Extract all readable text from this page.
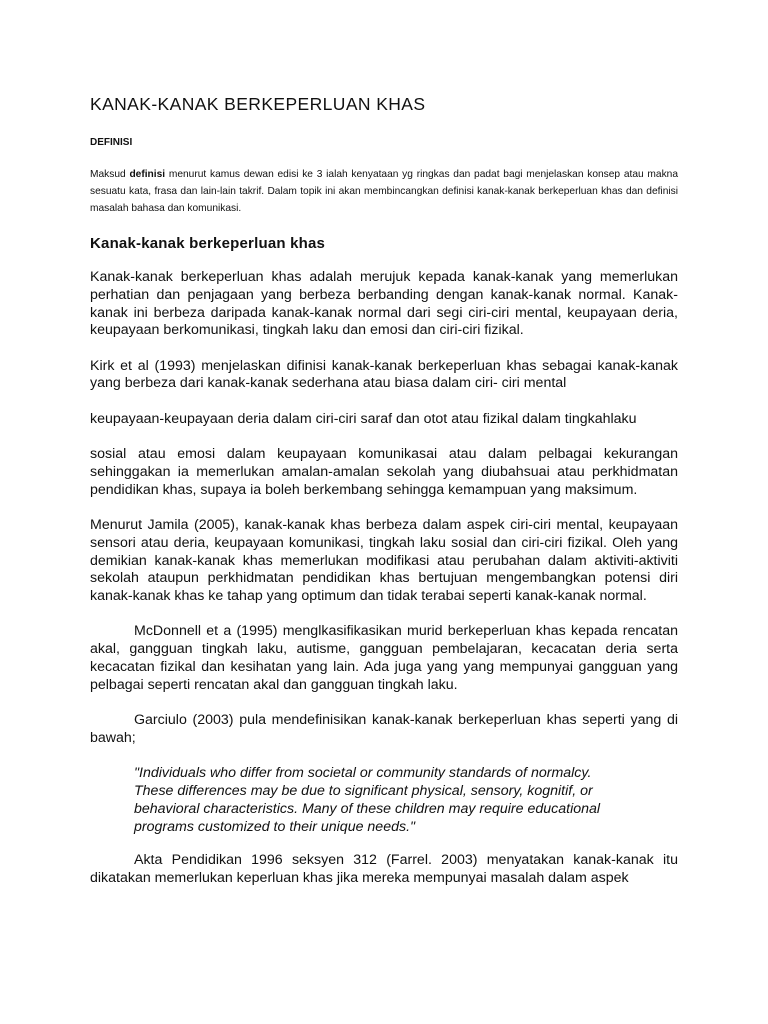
KANAK-KANAK BERKEPERLUAN KHAS
DEFINISI

Maksud definisi menurut kamus dewan edisi ke 3 ialah kenyataan yg ringkas dan padat bagi menjelaskan konsep atau makna sesuatu kata, frasa dan lain-lain takrif. Dalam topik ini akan membincangkan definisi kanak-kanak berkeperluan khas dan definisi masalah bahasa dan komunikasi.

Kanak-kanak berkeperluan khas

Kanak-kanak berkeperluan khas adalah merujuk kepada kanak-kanak yang memerlukan perhatian dan penjagaan yang berbeza berbanding dengan kanak-kanak normal. Kanak-kanak ini berbeza daripada kanak-kanak normal dari segi ciri-ciri mental, keupayaan deria, keupayaan berkomunikasi, tingkah laku dan emosi dan ciri-ciri fizikal.

Kirk et al (1993) menjelaskan difinisi kanak-kanak berkeperluan khas sebagai kanak-kanak yang berbeza dari kanak-kanak sederhana atau biasa dalam ciri- ciri mental

keupayaan-keupayaan deria dalam ciri-ciri saraf dan otot atau fizikal dalam tingkahlaku

sosial atau emosi dalam keupayaan komunikasai atau dalam pelbagai kekurangan sehinggakan ia memerlukan amalan-amalan sekolah yang diubahsuai atau perkhidmatan pendidikan khas, supaya ia boleh berkembang sehingga kemampuan yang maksimum.

Menurut Jamila (2005), kanak-kanak khas berbeza dalam aspek ciri-ciri mental, keupayaan sensori atau deria, keupayaan komunikasi, tingkah laku sosial dan ciri-ciri fizikal. Oleh yang demikian kanak-kanak khas memerlukan modifikasi atau perubahan dalam aktiviti-aktiviti sekolah ataupun perkhidmatan pendidikan khas bertujuan mengembangkan potensi diri kanak-kanak khas ke tahap yang optimum dan tidak terabai seperti kanak-kanak normal.

McDonnell et a (1995) menglkasifikasikan murid berkeperluan khas kepada rencatan akal, gangguan tingkah laku, autisme, gangguan pembelajaran, kecacatan deria serta kecacatan fizikal dan kesihatan yang lain. Ada juga yang yang mempunyai gangguan yang pelbagai seperti rencatan akal dan gangguan tingkah laku.

Garciulo (2003) pula mendefinisikan kanak-kanak berkeperluan khas seperti yang di bawah;

"Individuals who differ from societal or community standards of normalcy. These differences may be due to significant physical, sensory, kognitif, or behavioral characteristics. Many of these children may require educational programs customized to their unique needs."

Akta Pendidikan 1996 seksyen 312 (Farrel. 2003) menyatakan kanak-kanak itu dikatakan memerlukan keperluan khas jika mereka mempunyai masalah dalam aspek
